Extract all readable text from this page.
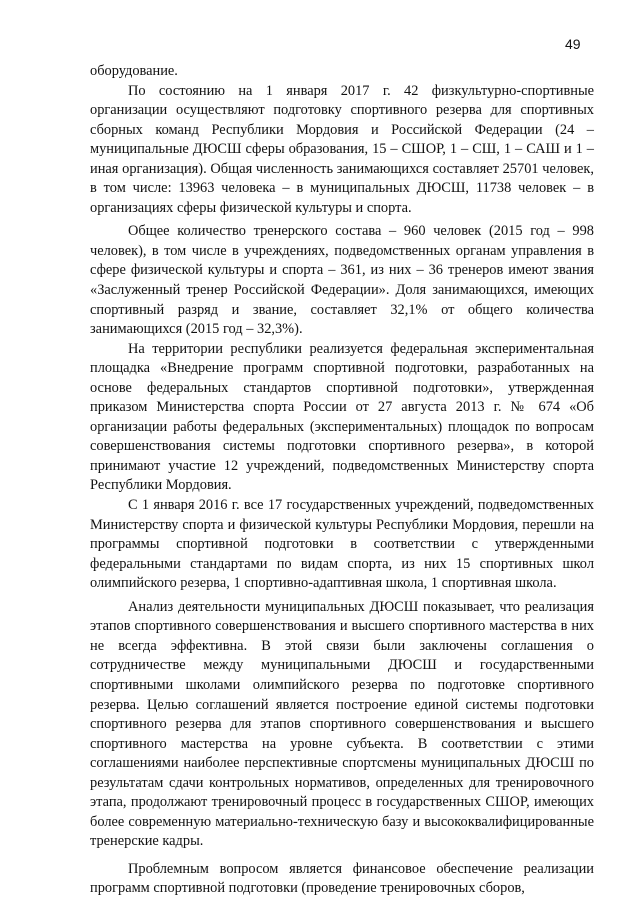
49

оборудование.

По состоянию на 1 января 2017 г. 42 физкультурно-спортивные организации осуществляют подготовку спортивного резерва для спортивных сборных команд Республики Мордовия и Российской Федерации (24 – муниципальные ДЮСШ сферы образования, 15 – СШОР, 1 – СШ, 1 – САШ и 1 – иная организация). Общая численность занимающихся составляет 25701 человек, в том числе: 13963 человека – в муниципальных ДЮСШ, 11738 человек – в организациях сферы физической культуры и спорта.

Общее количество тренерского состава – 960 человек (2015 год – 998 человек), в том числе в учреждениях, подведомственных органам управления в сфере физической культуры и спорта – 361, из них – 36 тренеров имеют звания «Заслуженный тренер Российской Федерации». Доля занимающихся, имеющих спортивный разряд и звание, составляет 32,1% от общего количества занимающихся (2015 год – 32,3%).

На территории республики реализуется федеральная экспериментальная площадка «Внедрение программ спортивной подготовки, разработанных на основе федеральных стандартов спортивной подготовки», утвержденная приказом Министерства спорта России от 27 августа 2013 г. № 674 «Об организации работы федеральных (экспериментальных) площадок по вопросам совершенствования системы подготовки спортивного резерва», в которой принимают участие 12 учреждений, подведомственных Министерству спорта Республики Мордовия.

С 1 января 2016 г. все 17 государственных учреждений, подведомственных Министерству спорта и физической культуры Республики Мордовия, перешли на программы спортивной подготовки в соответствии с утвержденными федеральными стандартами по видам спорта, из них 15 спортивных школ олимпийского резерва, 1 спортивно-адаптивная школа, 1 спортивная школа.

Анализ деятельности муниципальных ДЮСШ показывает, что реализация этапов спортивного совершенствования и высшего спортивного мастерства в них не всегда эффективна. В этой связи были заключены соглашения о сотрудничестве между муниципальными ДЮСШ и государственными спортивными школами олимпийского резерва по подготовке спортивного резерва. Целью соглашений является построение единой системы подготовки спортивного резерва для этапов спортивного совершенствования и высшего спортивного мастерства на уровне субъекта. В соответствии с этими соглашениями наиболее перспективные спортсмены муниципальных ДЮСШ по результатам сдачи контрольных нормативов, определенных для тренировочного этапа, продолжают тренировочный процесс в государственных СШОР, имеющих более современную материально-техническую базу и высококвалифицированные тренерские кадры.

Проблемным вопросом является финансовое обеспечение реализации программ спортивной подготовки (проведение тренировочных сборов,
